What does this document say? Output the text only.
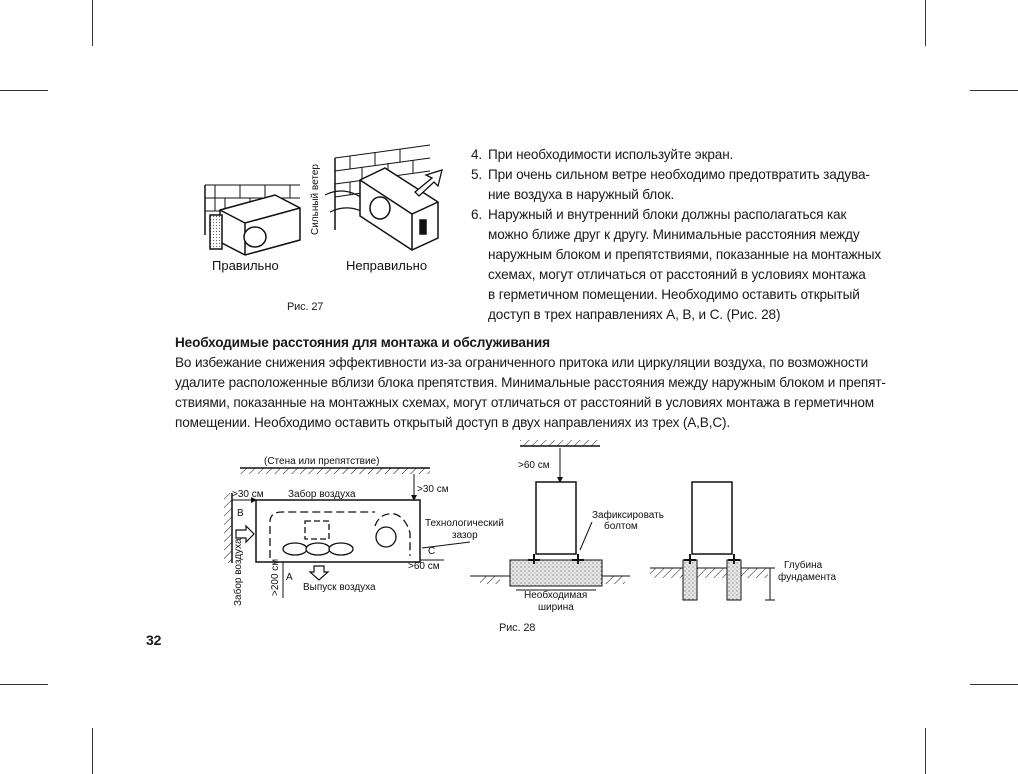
Правильно
Сильный ветер
Неправильно
Рис. 27
4. При необходимости используйте экран.
5. При очень сильном ветре необходимо предотвратить задува-
ние воздуха в наружный блок.
6. Наружный и внутренний блоки должны располагаться как
можно ближе друг к другу. Минимальные расстояния между
наружным блоком и препятствиями, показанные на монтажных
схемах, могут отличаться от расстояний в условиях монтажа
в герметичном помещении. Необходимо оставить открытый
доступ в трех направлениях А, В, и С. (Рис. 28)
Необходимые расстояния для монтажа и обслуживания
Во избежание снижения эффективности из-за ограниченного притока или циркуляции воздуха, по возможности
удалите расположенные вблизи блока препятствия. Минимальные расстояния между наружным блоком и препят-
ствиями, показанные на монтажных схемах, могут отличаться от расстояний в условиях монтажа в герметичном
помещении. Необходимо оставить открытый доступ в двух направлениях из трех (А,В,С).
(Стена или препятствие)
>30 см Забор воздуха	>30 см
B
Технологический
зазор
C
>60 см
Забор воздуха	>200 см A
Выпуск воздуха
>60 см
Зафиксировать
болтом
Необходимая
ширина
Глубина
фундамента
Рис. 28
32
